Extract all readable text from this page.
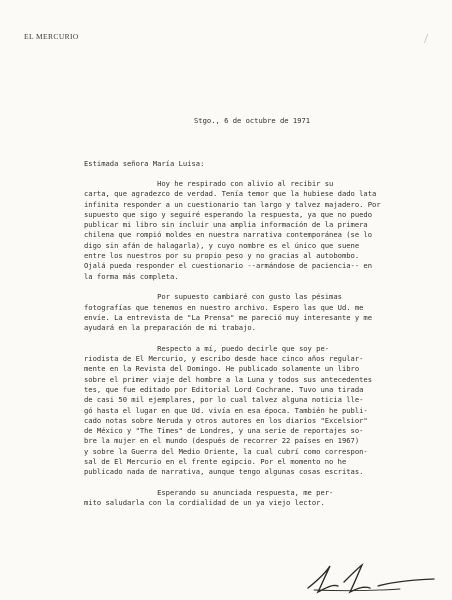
EL MERCURIO	/
Stgo., 6 de octubre de 1971
Estimada señora María Luisa:
Hoy he respirado con alivio al recibir su
carta, que agradezco de verdad. Tenía temor que la hubiese dado lata
infinita responder a un cuestionario tan largo y talvez majadero. Por
supuesto que sigo y seguiré esperando la respuesta, ya que no puedo
publicar mi libro sin incluir una amplia información de la primera
chilena que rompió moldes en nuestra narrativa contemporánea (se lo
digo sin afán de halagarla), y cuyo nombre es el único que suene
entre los nuestros por su propio peso y no gracias al autobombo.
Ojalá pueda responder el cuestionario --armándose de paciencia-- en
la forma más completa.
Por supuesto cambiaré con gusto las pésimas
fotografías que tenemos en nuestro archivo. Espero las que Ud. me
envíe. La entrevista de "La Prensa" me pareció muy interesante y me
ayudará en la preparación de mi trabajo.
Respecto a mí, puedo decirle que soy pe-
riodista de El Mercurio, y escribo desde hace cinco años regular-
mente en la Revista del Domingo. He publicado solamente un libro
sobre el primer viaje del hombre a la Luna y todos sus antecedentes
tes, que fue editado por Editorial Lord Cochrane. Tuvo una tirada
de casi 50 mil ejemplares, por lo cual talvez alguna noticia lle-
gó hasta el lugar en que Ud. vivía en esa época. También he publi-
cado notas sobre Neruda y otros autores en los diarios "Excelsior"
de México y "The Times" de Londres, y una serie de reportajes so-
bre la mujer en el mundo (después de recorrer 22 países en 1967)
y sobre la Guerra del Medio Oriente, la cual cubrí como correspon-
sal de El Mercurio en el frente egipcio. Por el momento no he
publicado nada de narrativa, aunque tengo algunas cosas escritas.
Esperando su anunciada respuesta, me per-
mito saludarla con la cordialidad de un ya viejo lector.
